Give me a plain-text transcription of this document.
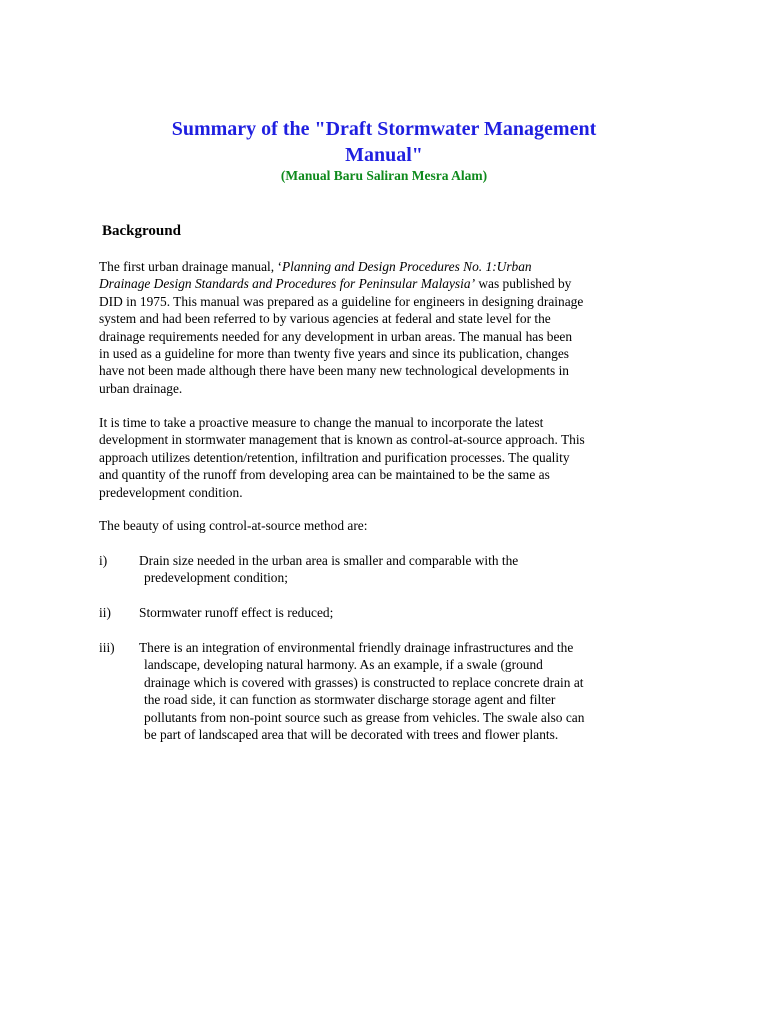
Summary of the "Draft Stormwater Management
Manual"
(Manual Baru Saliran Mesra Alam)
Background
The first urban drainage manual, ‘Planning and Design Procedures No. 1:Urban
Drainage Design Standards and Procedures for Peninsular Malaysia’ was published by
DID in 1975. This manual was prepared as a guideline for engineers in designing drainage
system and had been referred to by various agencies at federal and state level for the
drainage requirements needed for any development in urban areas. The manual has been
in used as a guideline for more than twenty five years and since its publication, changes
have not been made although there have been many new technological developments in
urban drainage.
It is time to take a proactive measure to change the manual to incorporate the latest
development in stormwater management that is known as control-at-source approach. This
approach utilizes detention/retention, infiltration and purification processes. The quality
and quantity of the runoff from developing area can be maintained to be the same as
predevelopment condition.
The beauty of using control-at-source method are:
i)	Drain size needed in the urban area is smaller and comparable with the
predevelopment condition;
ii)	Stormwater runoff effect is reduced;
iii)	There is an integration of environmental friendly drainage infrastructures and the
landscape, developing natural harmony. As an example, if a swale (ground
drainage which is covered with grasses) is constructed to replace concrete drain at
the road side, it can function as stormwater discharge storage agent and filter
pollutants from non-point source such as grease from vehicles. The swale also can
be part of landscaped area that will be decorated with trees and flower plants.
